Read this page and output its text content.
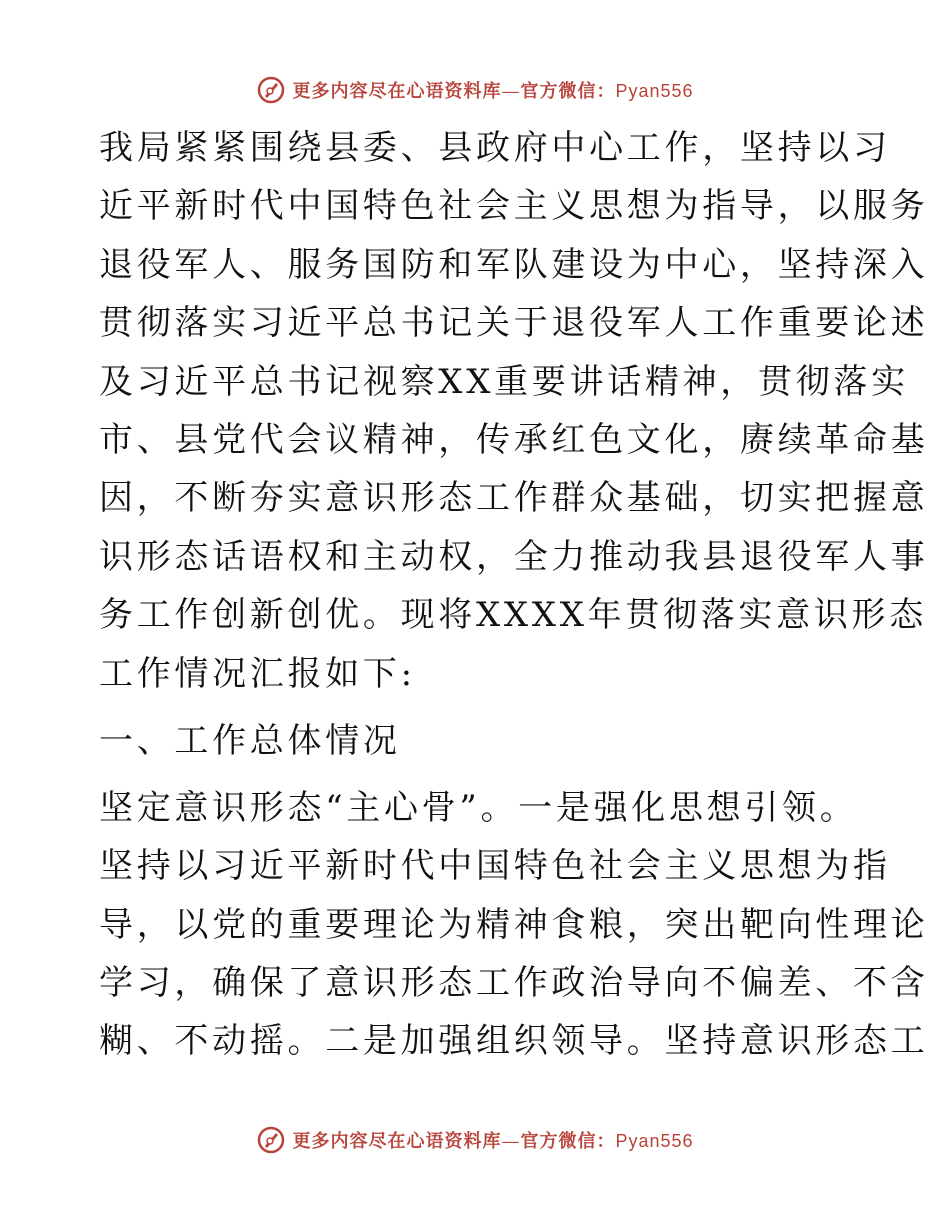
更多内容尽在心语资料库—官方微信：Pyan556
我局紧紧围绕县委、县政府中心工作，坚持以习
近平新时代中国特色社会主义思想为指导，以服务
退役军人、服务国防和军队建设为中心，坚持深入
贯彻落实习近平总书记关于退役军人工作重要论述
及习近平总书记视察XX重要讲话精神，贯彻落实
市、县党代会议精神，传承红色文化，赓续革命基
因，不断夯实意识形态工作群众基础，切实把握意
识形态话语权和主动权，全力推动我县退役军人事
务工作创新创优。现将XXXX年贯彻落实意识形态
工作情况汇报如下:
一、工作总体情况
坚定意识形态“主心骨”。一是强化思想引领。
坚持以习近平新时代中国特色社会主义思想为指
导，以党的重要理论为精神食粮，突出靶向性理论
学习，确保了意识形态工作政治导向不偏差、不含
糊、不动摇。二是加强组织领导。坚持意识形态工
更多内容尽在心语资料库—官方微信：Pyan556
